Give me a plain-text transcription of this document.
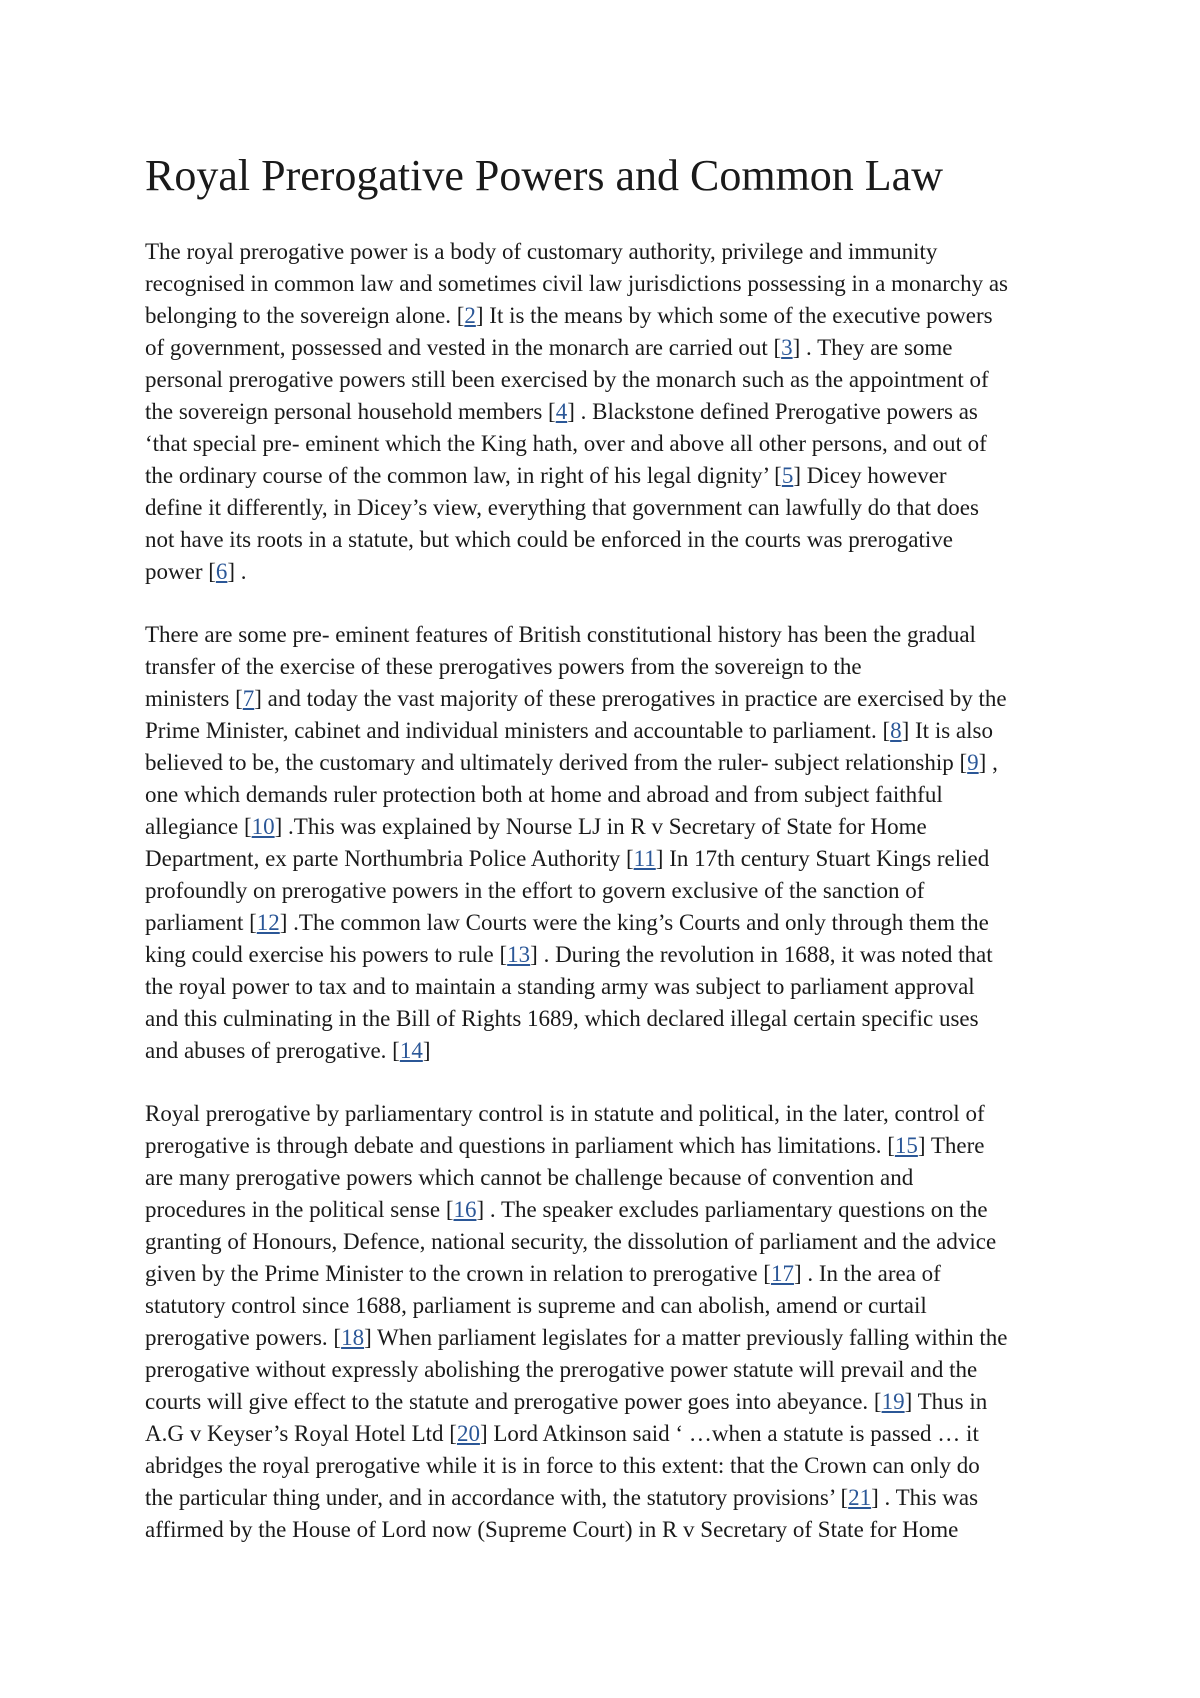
Royal Prerogative Powers and Common Law
The royal prerogative power is a body of customary authority, privilege and immunity
recognised in common law and sometimes civil law jurisdictions possessing in a monarchy as
belonging to the sovereign alone. [2] It is the means by which some of the executive powers
of government, possessed and vested in the monarch are carried out [3] . They are some
personal prerogative powers still been exercised by the monarch such as the appointment of
the sovereign personal household members [4] . Blackstone defined Prerogative powers as
‘that special pre- eminent which the King hath, over and above all other persons, and out of
the ordinary course of the common law, in right of his legal dignity’ [5] Dicey however
define it differently, in Dicey’s view, everything that government can lawfully do that does
not have its roots in a statute, but which could be enforced in the courts was prerogative
power [6] .
There are some pre- eminent features of British constitutional history has been the gradual
transfer of the exercise of these prerogatives powers from the sovereign to the
ministers [7] and today the vast majority of these prerogatives in practice are exercised by the
Prime Minister, cabinet and individual ministers and accountable to parliament. [8] It is also
believed to be, the customary and ultimately derived from the ruler- subject relationship [9] ,
one which demands ruler protection both at home and abroad and from subject faithful
allegiance [10] .This was explained by Nourse LJ in R v Secretary of State for Home
Department, ex parte Northumbria Police Authority [11] In 17th century Stuart Kings relied
profoundly on prerogative powers in the effort to govern exclusive of the sanction of
parliament [12] .The common law Courts were the king’s Courts and only through them the
king could exercise his powers to rule [13] . During the revolution in 1688, it was noted that
the royal power to tax and to maintain a standing army was subject to parliament approval
and this culminating in the Bill of Rights 1689, which declared illegal certain specific uses
and abuses of prerogative. [14]
Royal prerogative by parliamentary control is in statute and political, in the later, control of
prerogative is through debate and questions in parliament which has limitations. [15] There
are many prerogative powers which cannot be challenge because of convention and
procedures in the political sense [16] . The speaker excludes parliamentary questions on the
granting of Honours, Defence, national security, the dissolution of parliament and the advice
given by the Prime Minister to the crown in relation to prerogative [17] . In the area of
statutory control since 1688, parliament is supreme and can abolish, amend or curtail
prerogative powers. [18] When parliament legislates for a matter previously falling within the
prerogative without expressly abolishing the prerogative power statute will prevail and the
courts will give effect to the statute and prerogative power goes into abeyance. [19] Thus in
A.G v Keyser’s Royal Hotel Ltd [20] Lord Atkinson said ‘ …when a statute is passed … it
abridges the royal prerogative while it is in force to this extent: that the Crown can only do
the particular thing under, and in accordance with, the statutory provisions’ [21] . This was
affirmed by the House of Lord now (Supreme Court) in R v Secretary of State for Home
